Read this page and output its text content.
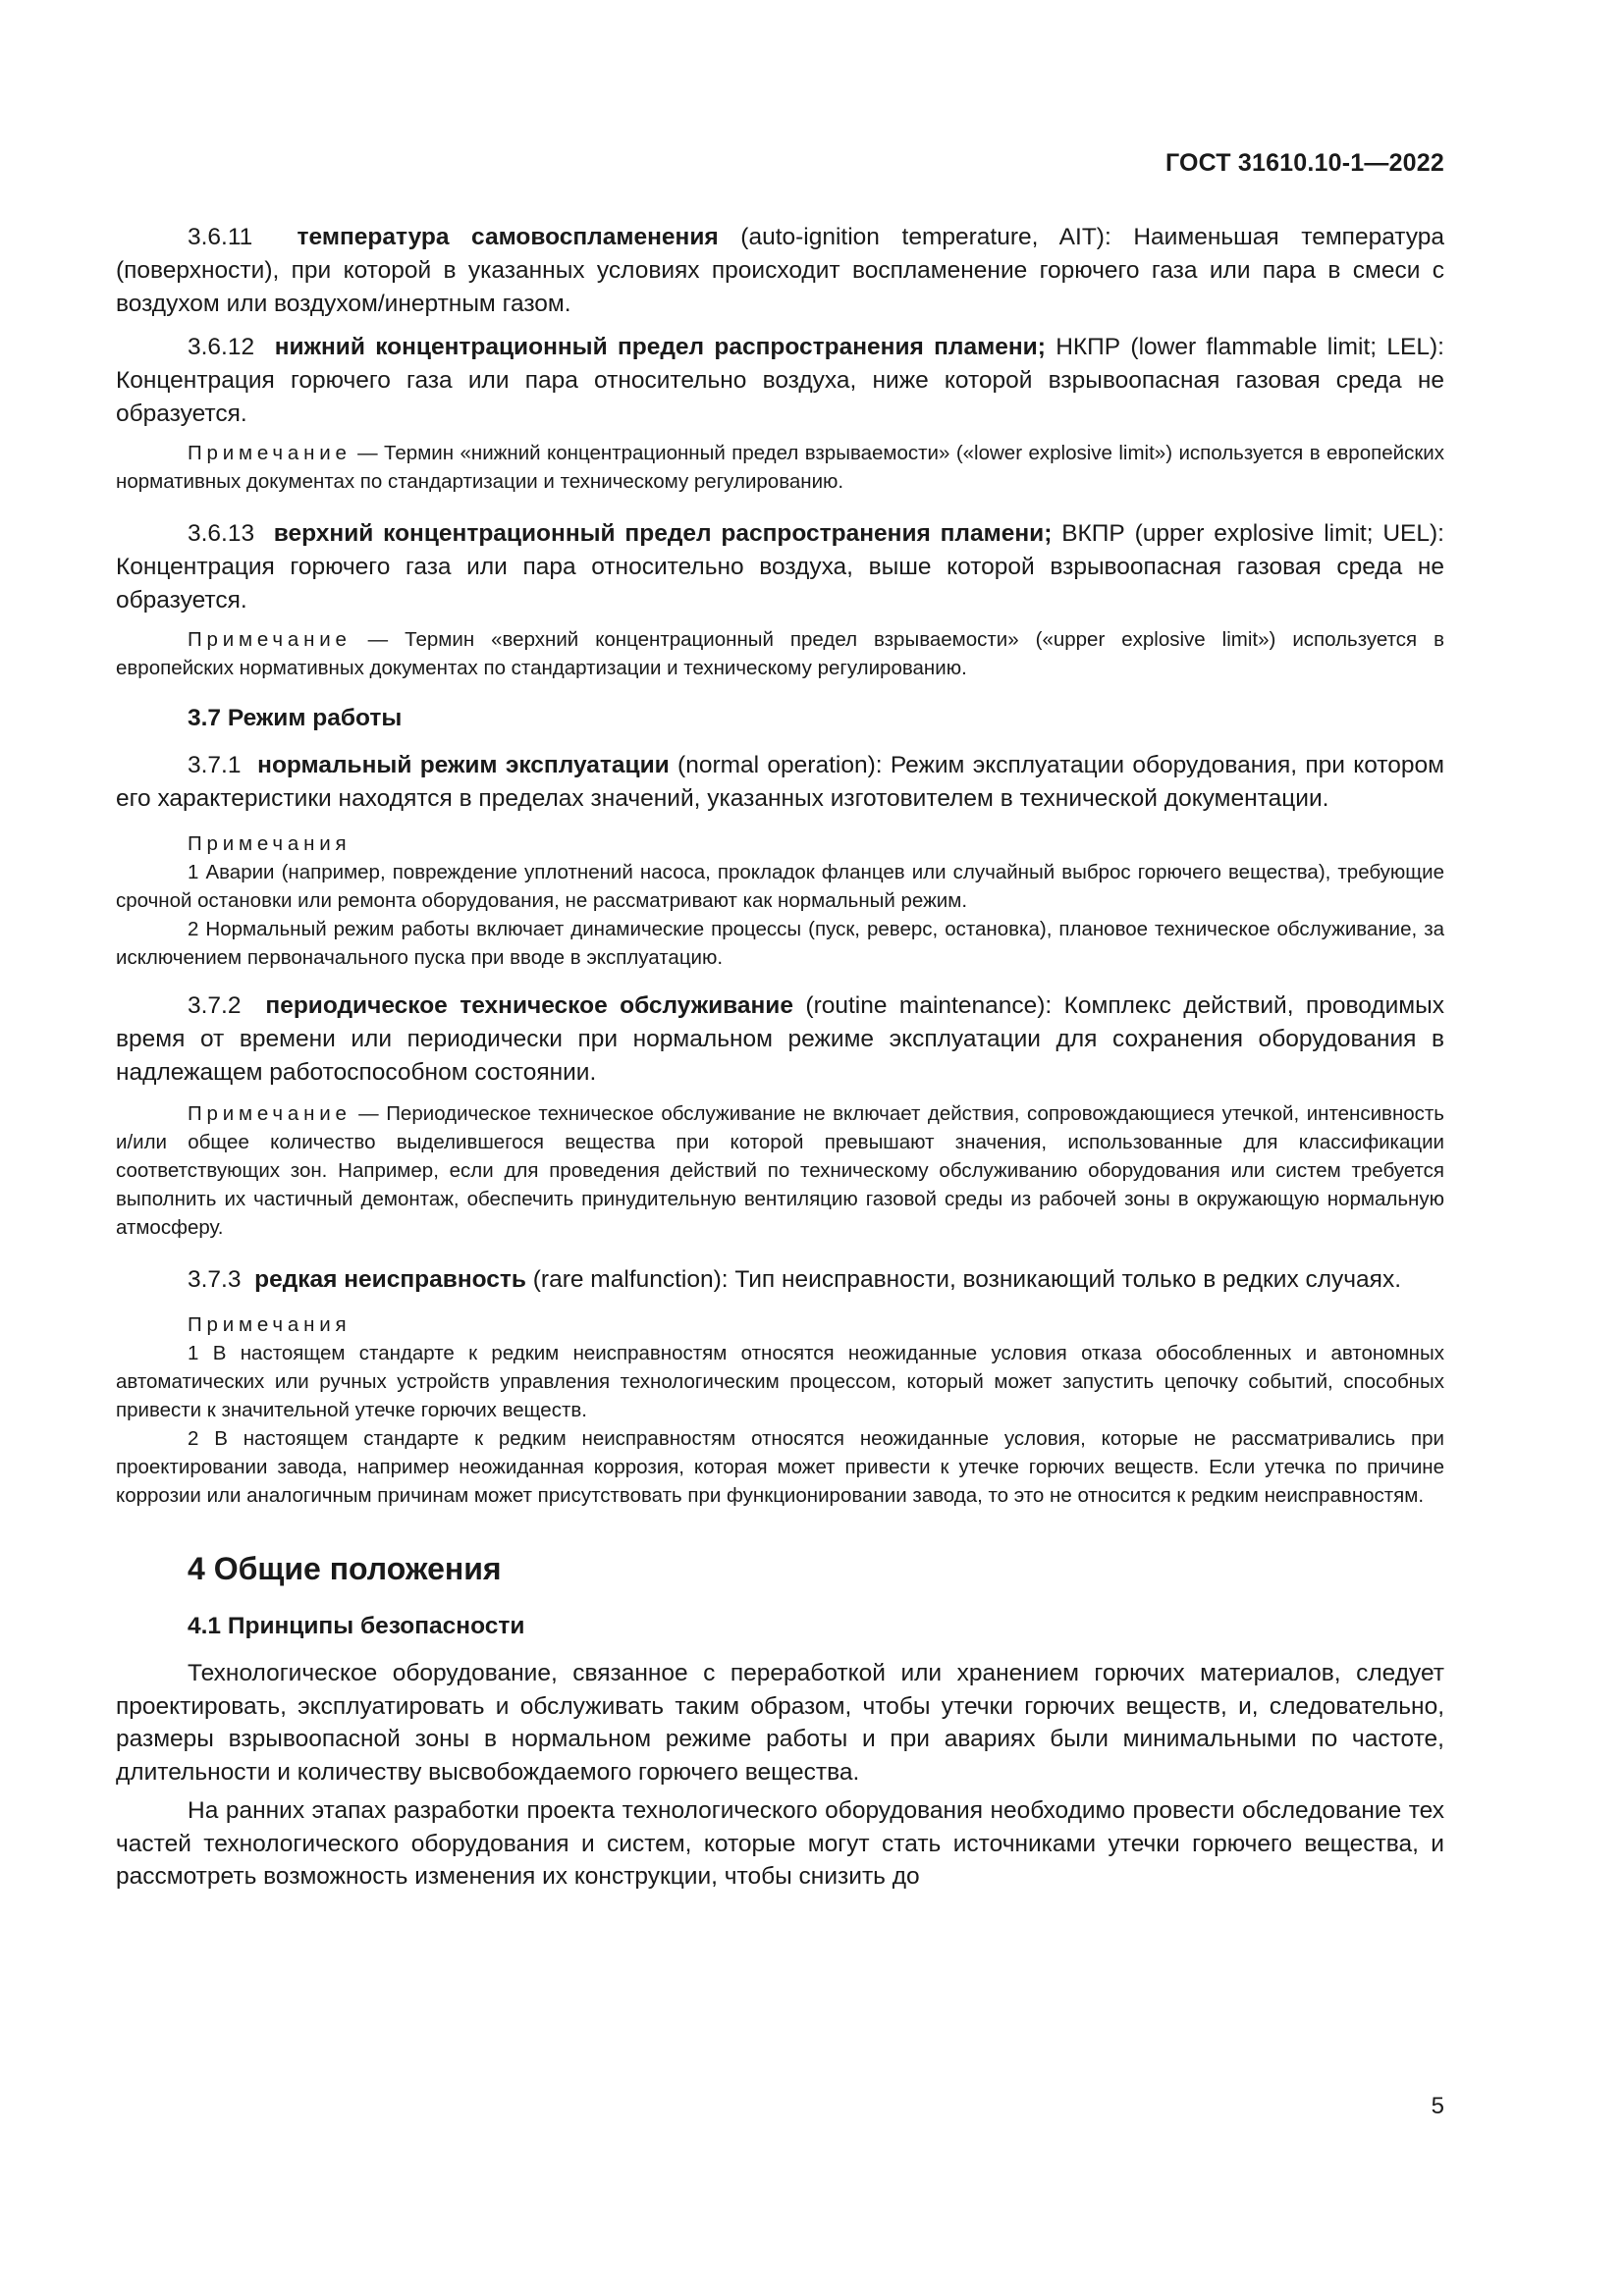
ГОСТ 31610.10-1—2022

3.6.11 температура самовоспламенения (auto-ignition temperature, AIT): Наименьшая температура (поверхности), при которой в указанных условиях происходит воспламенение горючего газа или пара в смеси с воздухом или воздухом/инертным газом.

3.6.12 нижний концентрационный предел распространения пламени; НКПР (lower flammable limit; LEL): Концентрация горючего газа или пара относительно воздуха, ниже которой взрывоопасная газовая среда не образуется.

Примечание — Термин «нижний концентрационный предел взрываемости» («lower explosive limit») используется в европейских нормативных документах по стандартизации и техническому регулированию.

3.6.13 верхний концентрационный предел распространения пламени; ВКПР (upper explosive limit; UEL): Концентрация горючего газа или пара относительно воздуха, выше которой взрывоопасная газовая среда не образуется.

Примечание — Термин «верхний концентрационный предел взрываемости» («upper explosive limit») используется в европейских нормативных документах по стандартизации и техническому регулированию.

3.7 Режим работы

3.7.1 нормальный режим эксплуатации (normal operation): Режим эксплуатации оборудования, при котором его характеристики находятся в пределах значений, указанных изготовителем в технической документации.

Примечания

1 Аварии (например, повреждение уплотнений насоса, прокладок фланцев или случайный выброс горючего вещества), требующие срочной остановки или ремонта оборудования, не рассматривают как нормальный режим.

2 Нормальный режим работы включает динамические процессы (пуск, реверс, остановка), плановое техническое обслуживание, за исключением первоначального пуска при вводе в эксплуатацию.

3.7.2 периодическое техническое обслуживание (routine maintenance): Комплекс действий, проводимых время от времени или периодически при нормальном режиме эксплуатации для сохранения оборудования в надлежащем работоспособном состоянии.

Примечание — Периодическое техническое обслуживание не включает действия, сопровождающиеся утечкой, интенсивность и/или общее количество выделившегося вещества при которой превышают значения, использованные для классификации соответствующих зон. Например, если для проведения действий по техническому обслуживанию оборудования или систем требуется выполнить их частичный демонтаж, обеспечить принудительную вентиляцию газовой среды из рабочей зоны в окружающую нормальную атмосферу.

3.7.3 редкая неисправность (rare malfunction): Тип неисправности, возникающий только в редких случаях.

Примечания

1 В настоящем стандарте к редким неисправностям относятся неожиданные условия отказа обособленных и автономных автоматических или ручных устройств управления технологическим процессом, который может запустить цепочку событий, способных привести к значительной утечке горючих веществ.

2 В настоящем стандарте к редким неисправностям относятся неожиданные условия, которые не рассматривались при проектировании завода, например неожиданная коррозия, которая может привести к утечке горючих веществ. Если утечка по причине коррозии или аналогичным причинам может присутствовать при функционировании завода, то это не относится к редким неисправностям.

4 Общие положения
4.1 Принципы безопасности

Технологическое оборудование, связанное с переработкой или хранением горючих материалов, следует проектировать, эксплуатировать и обслуживать таким образом, чтобы утечки горючих веществ, и, следовательно, размеры взрывоопасной зоны в нормальном режиме работы и при авариях были минимальными по частоте, длительности и количеству высвобождаемого горючего вещества.

На ранних этапах разработки проекта технологического оборудования необходимо провести обследование тех частей технологического оборудования и систем, которые могут стать источниками утечки горючего вещества, и рассмотреть возможность изменения их конструкции, чтобы снизить до

5
